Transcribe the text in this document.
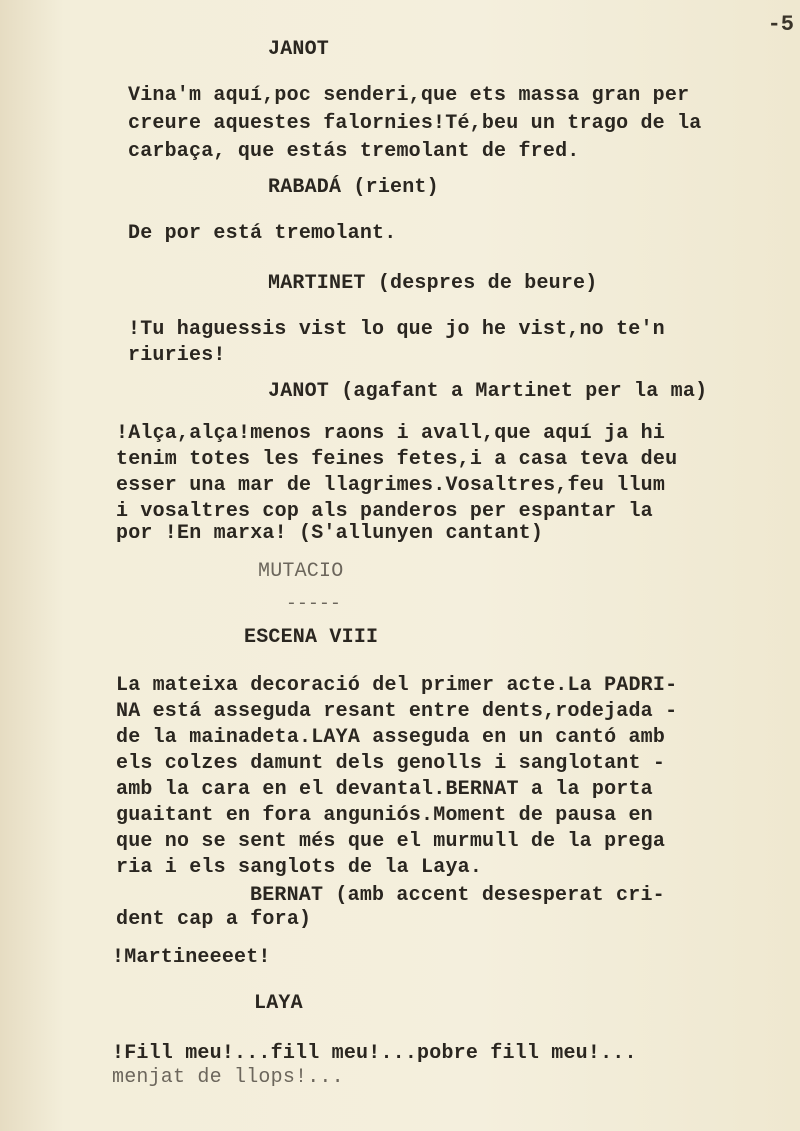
-5
JANOT
Vina'm aquí,poc senderi,que ets massa gran per
creure aquestes falornies!Té,beu un trago de la
carbaça, que estás tremolant de fred.
RABADÁ (rient)
De por está tremolant.
MARTINET (despres de beure)
!Tu haguessis vist lo que jo he vist,no te'n
riuries!
JANOT (agafant a Martinet per la ma)
!Alça,alça!menos raons i avall,que aquí ja hi
tenim totes les feines fetes,i a casa teva deu
esser una mar de llagrimes.Vosaltres,feu llum
i vosaltres cop als panderos per espantar la
por !En marxa! (S'allunyen cantant)
MUTACIO
-----
ESCENA VIII
La mateixa decoració del primer acte.La PADRI-
NA está asseguda resant entre dents,rodejada -
de la mainadeta.LAYA asseguda en un cantó amb
els colzes damunt dels genolls i sanglotant -
amb la cara en el devantal.BERNAT a la porta
guaitant en fora anguniós.Moment de pausa en
que no se sent més que el murmull de la prega
ria i els sanglots de la Laya.
BERNAT (amb accent desesperat cri-
dent cap a fora)
!Martineeeet!
LAYA
!Fill meu!...fill meu!...pobre fill meu!...
menjat de llops!...
